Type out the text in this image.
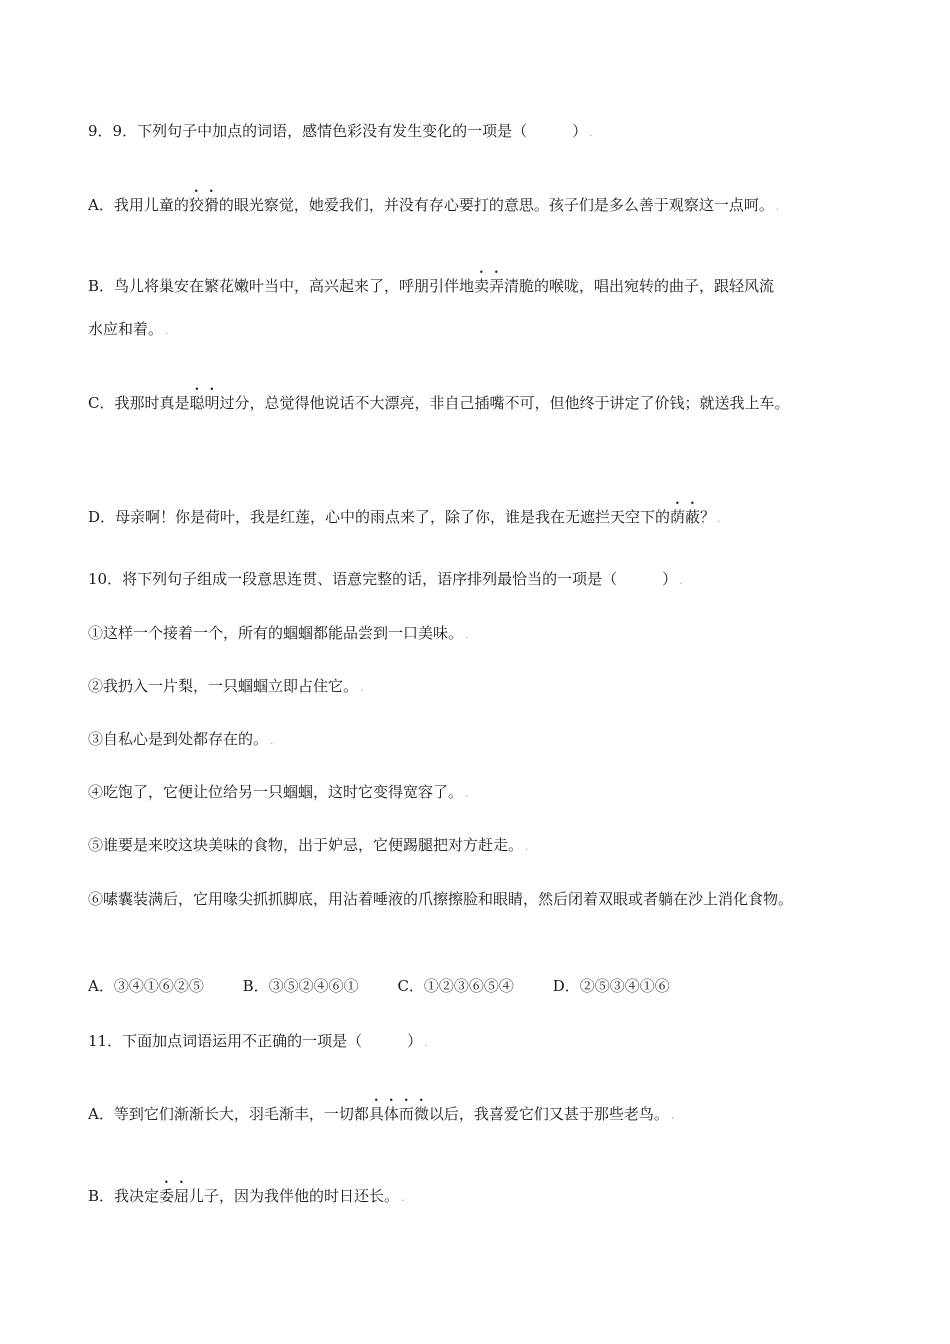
9．9．下列句子中加点的词语，感情色彩没有发生变化的一项是（　　　） .
A．我用儿童的狡猾的眼光察觉，她爱我们，并没有存心要打的意思。孩子们是多么善于观察这一点呵。 .
B．鸟儿将巢安在繁花嫩叶当中，高兴起来了，呼朋引伴地卖弄清脆的喉咙，唱出宛转的曲子，跟轻风流
水应和着。 .
C．我那时真是聪明过分，总觉得他说话不大漂亮，非自己插嘴不可，但他终于讲定了价钱；就送我上车。
D．母亲啊！你是荷叶，我是红莲，心中的雨点来了，除了你，谁是我在无遮拦天空下的荫蔽？ .
10．将下列句子组成一段意思连贯、语意完整的话，语序排列最恰当的一项是（　　　） .
①这样一个接着一个，所有的蝈蝈都能品尝到一口美味。 .
②我扔入一片梨，一只蝈蝈立即占住它。 .
③自私心是到处都存在的。 .
④吃饱了，它便让位给另一只蝈蝈，这时它变得宽容了。 .
⑤谁要是来咬这块美味的食物，出于妒忌，它便踢腿把对方赶走。 .
⑥嗉囊装满后，它用喙尖抓抓脚底，用沾着唾液的爪擦擦脸和眼睛，然后闭着双眼或者躺在沙上消化食物。
A．③④①⑥②⑤	B．③⑤②④⑥①	C．①②③⑥⑤④	D．②⑤③④①⑥
11．下面加点词语运用不正确的一项是（　　　） .
A．等到它们渐渐长大，羽毛渐丰，一切都具体而微以后，我喜爱它们又甚于那些老鸟。 .
B．我决定委屈儿子，因为我伴他的时日还长。 .
